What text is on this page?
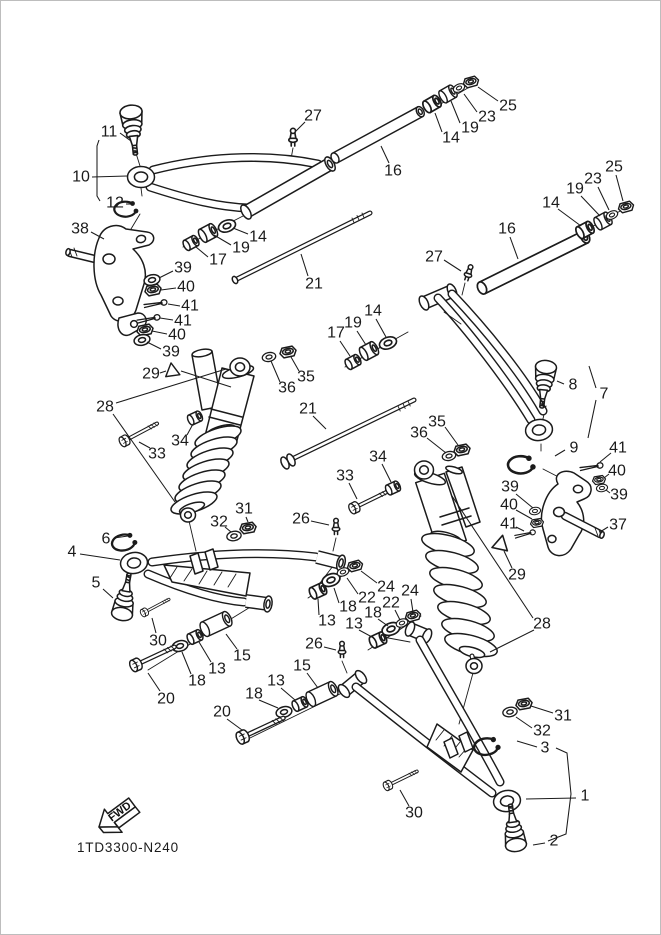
FWD
1TD3300-N240
11
10
12
38	14
19
17
39
40
41
41
40
39
27
21
25
23
19
14
16	25
23
19
14
16
27
14
19
17
21
29
28
35
36
34
33
35
36
34
33
29
28
8
7
9 41
40
39
39
40
41	37
6
4
5
31
32	26
30
15
13
18
20
24
22
18
13
24
22
18
13
26
15
13
18
20	31
32
3
1
2
30
